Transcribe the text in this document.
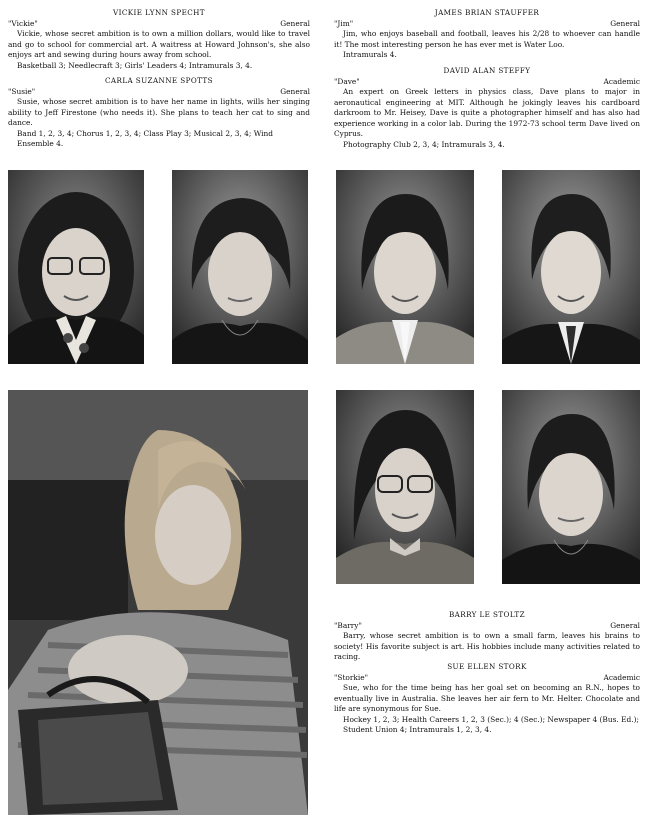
VICKIE LYNN SPECHT
"Vickie"	General
Vickie, whose secret ambition is to own a million dollars, would like to travel and go to school for commercial art. A waitress at Howard Johnson's, she also enjoys art and sewing during hours away from school.
Basketball 3; Needlecraft 3; Girls' Leaders 4; Intramurals 3, 4.
CARLA SUZANNE SPOTTS
"Susie"	General
Susie, whose secret ambition is to have her name in lights, wills her singing ability to Jeff Firestone (who needs it). She plans to teach her cat to sing and dance.
Band 1, 2, 3, 4; Chorus 1, 2, 3, 4; Class Play 3; Musical 2, 3, 4; Wind Ensemble 4.
JAMES BRIAN STAUFFER
"Jim"	General
Jim, who enjoys baseball and football, leaves his 2/28 to whoever can handle it! The most interesting person he has ever met is Water Loo.
Intramurals 4.
DAVID ALAN STEFFY
"Dave"	Academic
An expert on Greek letters in physics class, Dave plans to major in aeronautical engineering at MIT. Although he jokingly leaves his cardboard darkroom to Mr. Heisey, Dave is quite a photographer himself and has also had experience working in a color lab. During the 1972-73 school term Dave lived on Cyprus.
Photography Club 2, 3, 4; Intramurals 3, 4.
BARRY LE STOLTZ
"Barry"	General
Barry, whose secret ambition is to own a small farm, leaves his brains to society! His favorite subject is art. His hobbies include many activities related to racing.
SUE ELLEN STORK
"Storkie"	Academic
Sue, who for the time being has her goal set on becoming an R.N., hopes to eventually live in Australia. She leaves her air fern to Mr. Helter. Chocolate and life are synonymous for Sue.
Hockey 1, 2, 3; Health Careers 1, 2, 3 (Sec.); 4 (Sec.); Newspaper 4 (Bus. Ed.); Student Union 4; Intramurals 1, 2, 3, 4.
